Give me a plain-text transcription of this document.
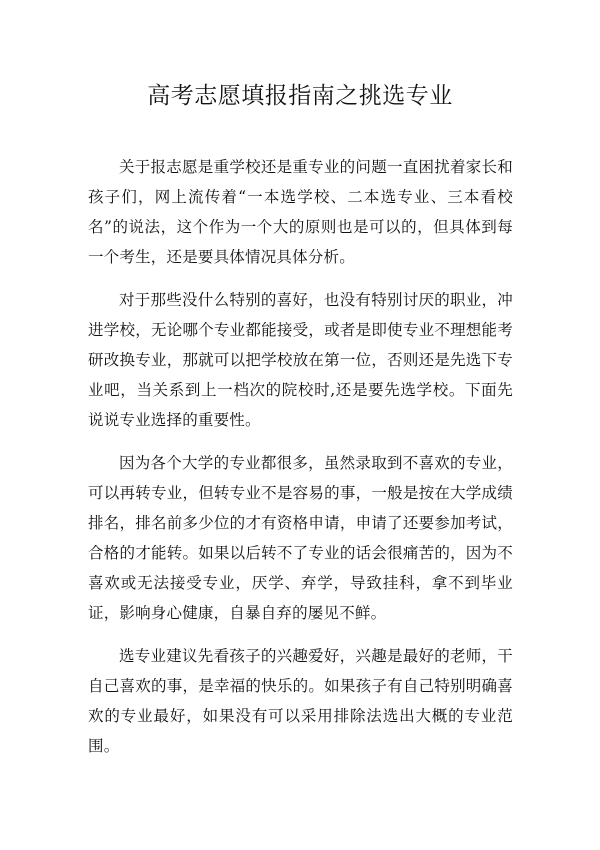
高考志愿填报指南之挑选专业

关于报志愿是重学校还是重专业的问题一直困扰着家长和孩子们，网上流传着“一本选学校、二本选专业、三本看校名”的说法，这个作为一个大的原则也是可以的，但具体到每一个考生，还是要具体情况具体分析。

对于那些没什么特别的喜好，也没有特别讨厌的职业，冲进学校，无论哪个专业都能接受，或者是即使专业不理想能考研改换专业，那就可以把学校放在第一位，否则还是先选下专业吧，当关系到上一档次的院校时,还是要先选学校。下面先说说专业选择的重要性。

因为各个大学的专业都很多，虽然录取到不喜欢的专业，可以再转专业，但转专业不是容易的事，一般是按在大学成绩排名，排名前多少位的才有资格申请，申请了还要参加考试，合格的才能转。如果以后转不了专业的话会很痛苦的，因为不喜欢或无法接受专业，厌学、弃学，导致挂科，拿不到毕业证，影响身心健康，自暴自弃的屡见不鲜。

选专业建议先看孩子的兴趣爱好，兴趣是最好的老师，干自己喜欢的事，是幸福的快乐的。如果孩子有自己特别明确喜欢的专业最好，如果没有可以采用排除法选出大概的专业范围。
